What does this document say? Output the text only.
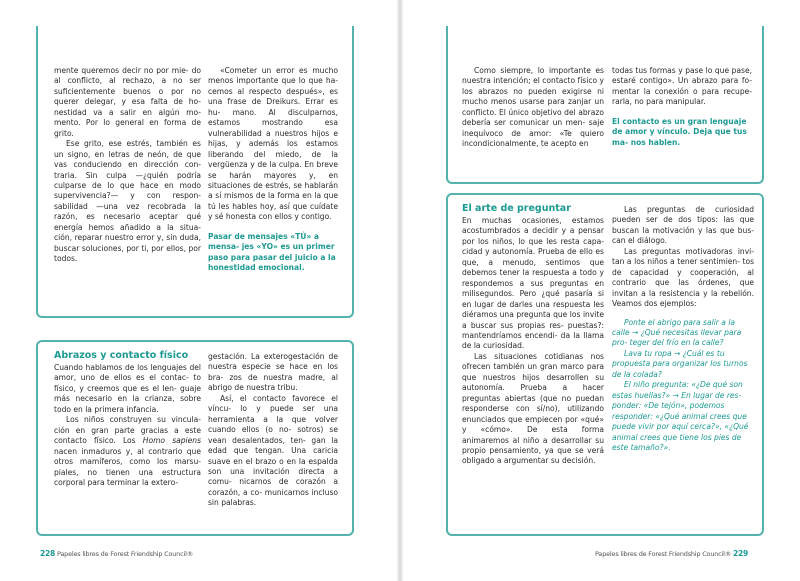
mente queremos decir no por mie- do al conflicto, al rechazo, a no ser suficientemente buenos o por no querer delegar, y esa falta de ho- nestidad va a salir en algún mo- mento. Por lo general en forma de grito.

Ese grito, ese estrés, también es un signo, en letras de neón, de que vas conduciendo en dirección con- traria. Sin culpa —¿quién podría culparse de lo que hace en modo supervivencia?— y con respon- sabilidad —una vez recobrada la razón, es necesario aceptar qué energía hemos añadido a la situa- ción, reparar nuestro error y, sin duda, buscar soluciones, por ti, por ellos, por todos.

«Cometer un error es mucho menos importante que lo que ha- cemos al respecto después», es una frase de Dreikurs. Errar es hu- mano. Al disculparnos, estamos mostrando esa vulnerabilidad a nuestros hijos e hijas, y además los estamos liberando del miedo, de la vergüenza y de la culpa. En breve se harán mayores y, en situaciones de estrés, se hablarán a sí mismos de la forma en la que tú les hables hoy, así que cuídate y sé honesta con ellos y contigo.

Pasar de mensajes «TÚ» a mensa- jes «YO» es un primer paso para pasar del juicio a la honestidad emocional.

Abrazos y contacto físico

Cuando hablamos de los lenguajes del amor, uno de ellos es el contac- to físico, y creemos que es el len- guaje más necesario en la crianza, sobre todo en la primera infancia.

Los niños construyen su vincula- ción en gran parte gracias a este contacto físico. Los Homo sapiens nacen inmaduros y, al contrario que otros mamíferos, como los marsu- piales, no tienen una estructura corporal para terminar la extero-

gestación. La exterogestación de nuestra especie se hace en los bra- zos de nuestra madre, al abrigo de nuestra tribu.

Así, el contacto favorece el víncu- lo y puede ser una herramienta a la que volver cuando ellos (o no- sotros) se vean desalentados, ten- gan la edad que tengan. Una caricia suave en el brazo o en la espalda son una invitación directa a comu- nicarnos de corazón a corazón, a co- municarnos incluso sin palabras.

228 Papeles libres de Forest Friendship Council®

Como siempre, lo importante es nuestra intención; el contacto físico y los abrazos no pueden exigirse ni mucho menos usarse para zanjar un conflicto. El único objetivo del abrazo debería ser comunicar un men- saje inequívoco de amor: «Te quiero incondicionalmente, te acepto en

todas tus formas y pase lo que pase, estaré contigo». Un abrazo para fo- mentar la conexión o para recupe- rarla, no para manipular.

El contacto es un gran lenguaje de amor y vínculo. Deja que tus ma- nos hablen.

El arte de preguntar

En muchas ocasiones, estamos acostumbrados a decidir y a pensar por los niños, lo que les resta capa- cidad y autonomía. Prueba de ello es que, a menudo, sentimos que debemos tener la respuesta a todo y respondemos a sus preguntas en milisegundos. Pero ¿qué pasaría si en lugar de darles una respuesta les diéramos una pregunta que los invite a buscar sus propias res- puestas?: mantendríamos encendi- da la llama de la curiosidad.

Las situaciones cotidianas nos ofrecen también un gran marco para que nuestros hijos desarrollen su autonomía. Prueba a hacer preguntas abiertas (que no puedan responderse con sí/no), utilizando enunciados que empiecen por «qué» y «cómo». De esta forma animaremos al niño a desarrollar su propio pensamiento, ya que se verá obligado a argumentar su decisión.

Las preguntas de curiosidad pueden ser de dos tipos: las que buscan la motivación y las que bus- can el diálogo.

Las preguntas motivadoras invi- tan a los niños a tener sentimien- tos de capacidad y cooperación, al contrario que las órdenes, que invitan a la resistencia y la rebelión. Veamos dos ejemplos:

Ponte el abrigo para salir a la calle → ¿Qué necesitas llevar para pro- teger del frío en la calle?

Lava tu ropa → ¿Cuál es tu propuesta para organizar los turnos de la colada?

El niño pregunta: «¿De qué son estas huellas?» → En lugar de res- ponder: «De tejón», podemos responder: «¿Qué animal crees que puede vivir por aquí cerca?», «¿Qué animal crees que tiene los pies de este tamaño?».

Papeles libres de Forest Friendship Council® 229
